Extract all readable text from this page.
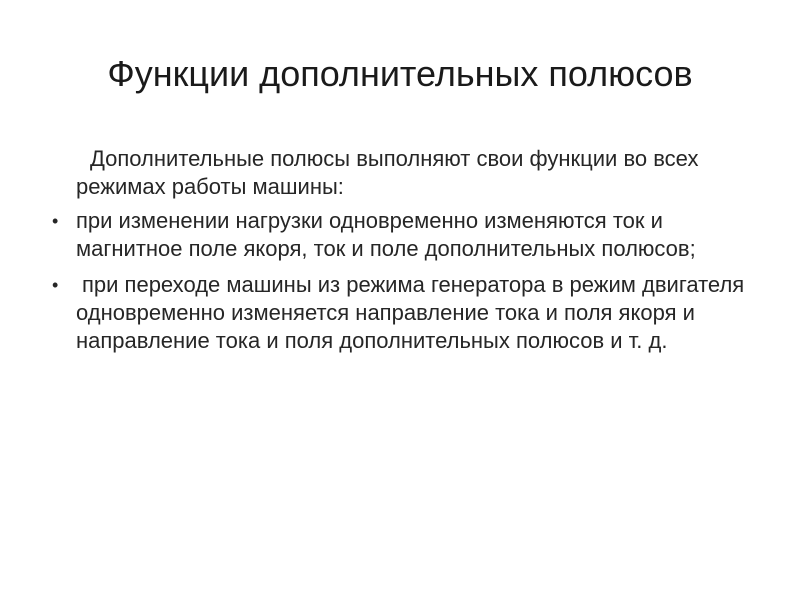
Функции дополнительных полюсов

Дополнительные полюсы выполняют свои функции во всех режимах работы машины:

• при изменении нагрузки одновременно изменяются ток и магнитное поле якоря, ток и поле дополнительных полюсов;
• при переходе машины из режима генератора в режим двигателя одновременно изменяется направление тока и поля якоря и направление тока и поля дополнительных полюсов и т. д.
